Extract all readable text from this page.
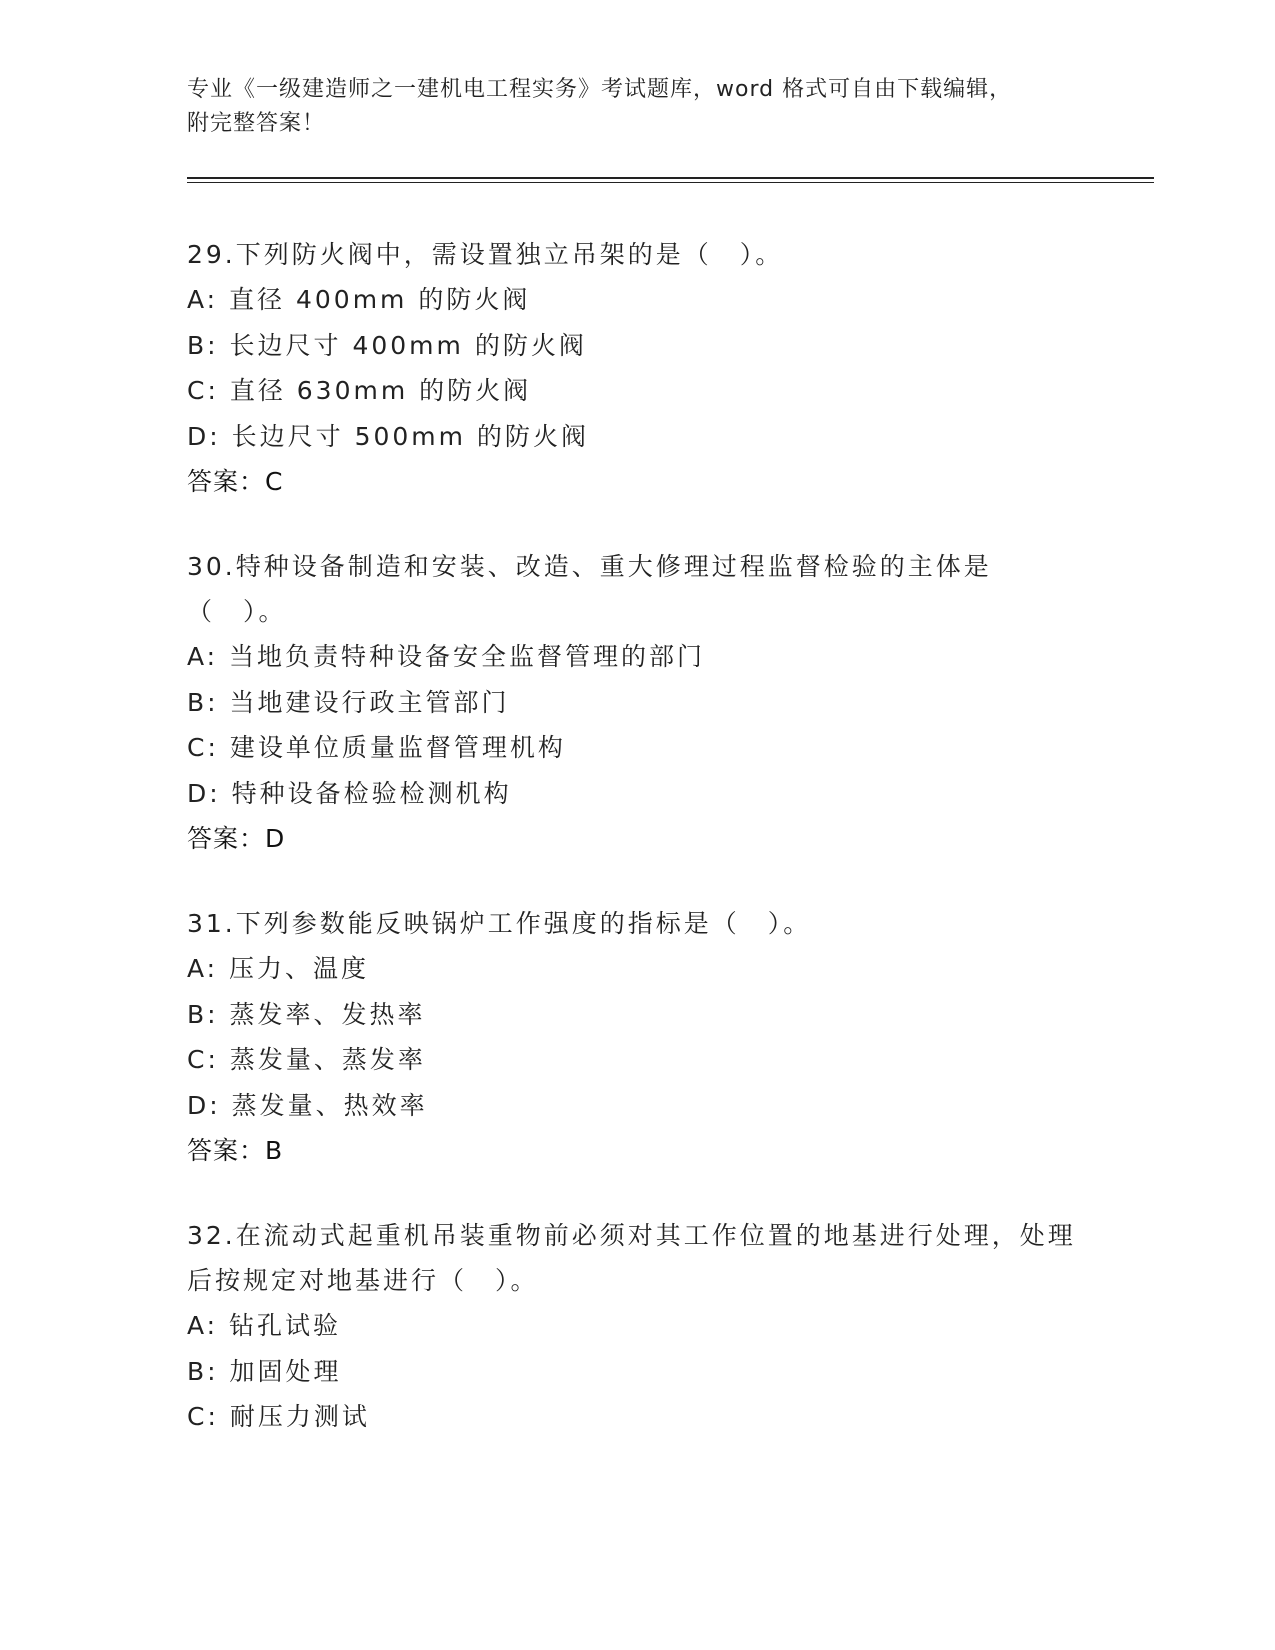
专业《一级建造师之一建机电工程实务》考试题库，word 格式可自由下载编辑，
附完整答案！
29.下列防火阀中，需设置独立吊架的是（　）。
A: 直径 400mm 的防火阀
B: 长边尺寸 400mm 的防火阀
C: 直径 630mm 的防火阀
D: 长边尺寸 500mm 的防火阀
答案：C
30.特种设备制造和安装、改造、重大修理过程监督检验的主体是（　）。
A: 当地负责特种设备安全监督管理的部门
B: 当地建设行政主管部门
C: 建设单位质量监督管理机构
D: 特种设备检验检测机构
答案：D
31.下列参数能反映锅炉工作强度的指标是（　）。
A: 压力、温度
B: 蒸发率、发热率
C: 蒸发量、蒸发率
D: 蒸发量、热效率
答案：B
32.在流动式起重机吊装重物前必须对其工作位置的地基进行处理，处理后按规定对地基进行（　）。
A: 钻孔试验
B: 加固处理
C: 耐压力测试
